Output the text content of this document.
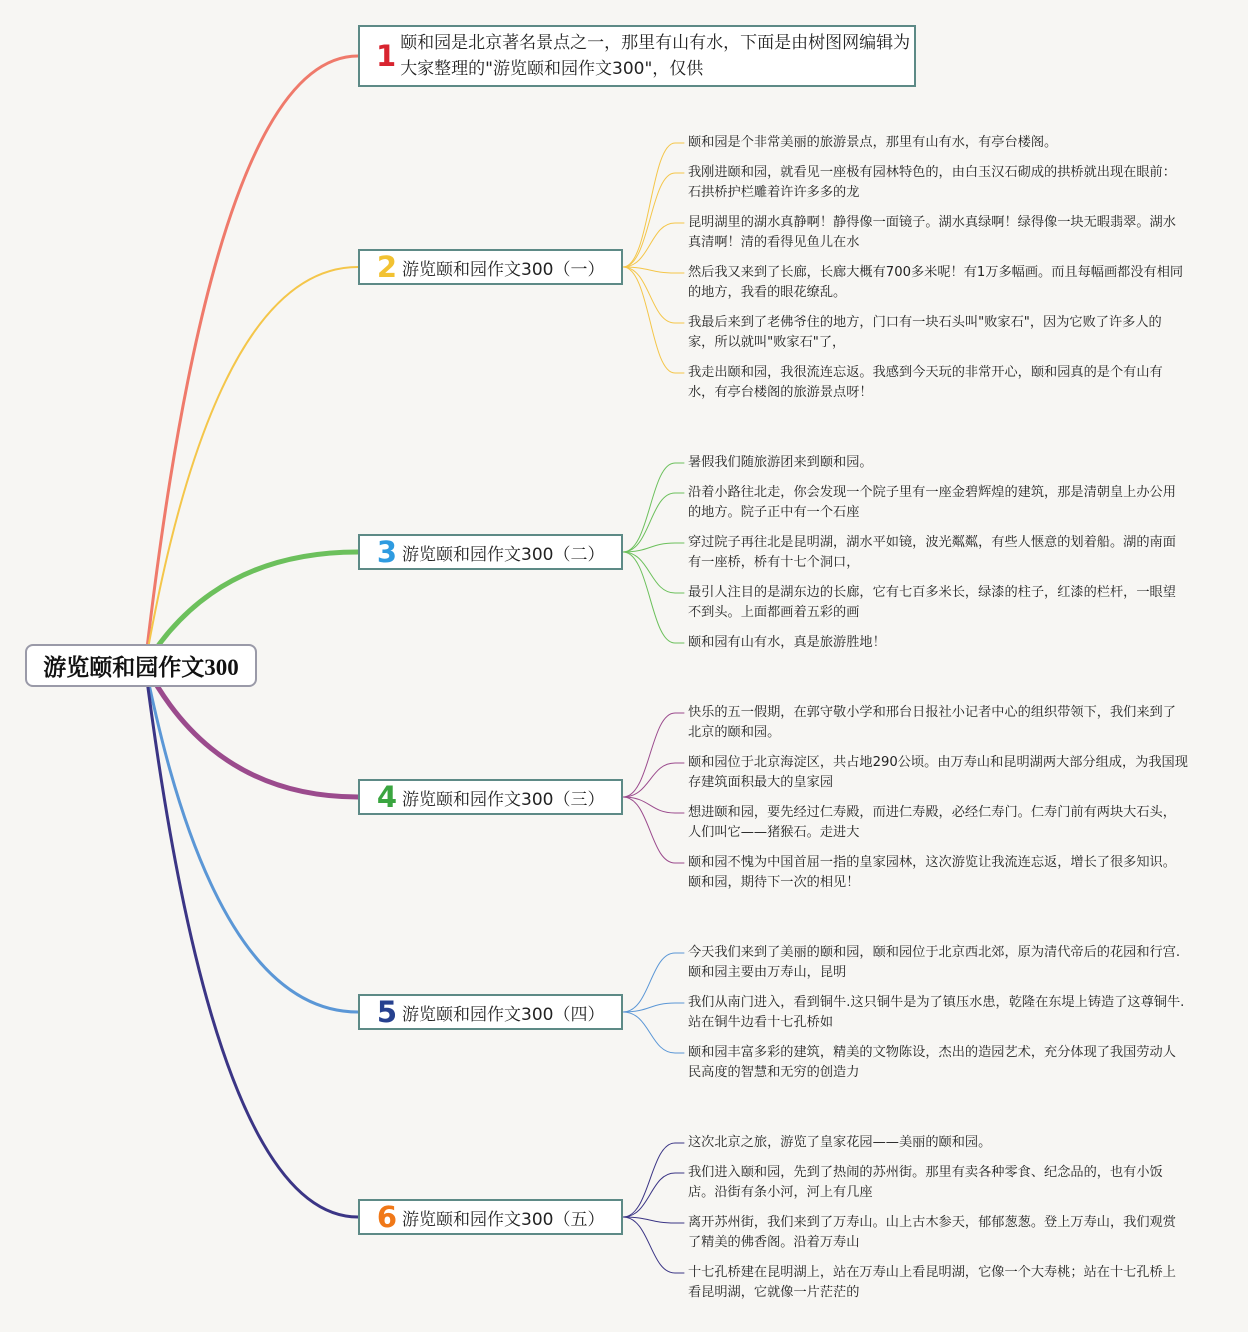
游览颐和园作文300
1 颐和园是北京著名景点之一，那里有山有水，下面是由树图网编辑为大家整理的"游览颐和园作文300"，仅供
2 游览颐和园作文300（一）
3 游览颐和园作文300（二）
4 游览颐和园作文300（三）
5 游览颐和园作文300（四）
6 游览颐和园作文300（五）
颐和园是个非常美丽的旅游景点，那里有山有水，有亭台楼阁。
我刚进颐和园，就看见一座极有园林特色的，由白玉汉石砌成的拱桥就出现在眼前：石拱桥护栏雕着许许多多的龙
昆明湖里的湖水真静啊！静得像一面镜子。湖水真绿啊！绿得像一块无暇翡翠。湖水真清啊！清的看得见鱼儿在水
然后我又来到了长廊，长廊大概有700多米呢！有1万多幅画。而且每幅画都没有相同的地方，我看的眼花缭乱。
我最后来到了老佛爷住的地方，门口有一块石头叫"败家石"，因为它败了许多人的家，所以就叫"败家石"了，
我走出颐和园，我很流连忘返。我感到今天玩的非常开心，颐和园真的是个有山有水，有亭台楼阁的旅游景点呀！
暑假我们随旅游团来到颐和园。
沿着小路往北走，你会发现一个院子里有一座金碧辉煌的建筑，那是清朝皇上办公用的地方。院子正中有一个石座
穿过院子再往北是昆明湖，湖水平如镜，波光粼粼，有些人惬意的划着船。湖的南面有一座桥，桥有十七个洞口，
最引人注目的是湖东边的长廊，它有七百多米长，绿漆的柱子，红漆的栏杆，一眼望不到头。上面都画着五彩的画
颐和园有山有水，真是旅游胜地！
快乐的五一假期，在郭守敬小学和邢台日报社小记者中心的组织带领下，我们来到了北京的颐和园。
颐和园位于北京海淀区，共占地290公顷。由万寿山和昆明湖两大部分组成，为我国现存建筑面积最大的皇家园
想进颐和园，要先经过仁寿殿，而进仁寿殿，必经仁寿门。仁寿门前有两块大石头，人们叫它——猪猴石。走进大
颐和园不愧为中国首屈一指的皇家园林，这次游览让我流连忘返，增长了很多知识。颐和园，期待下一次的相见！
今天我们来到了美丽的颐和园，颐和园位于北京西北郊，原为清代帝后的花园和行宫.颐和园主要由万寿山，昆明
我们从南门进入，看到铜牛.这只铜牛是为了镇压水患，乾隆在东堤上铸造了这尊铜牛.站在铜牛边看十七孔桥如
颐和园丰富多彩的建筑，精美的文物陈设，杰出的造园艺术，充分体现了我国劳动人民高度的智慧和无穷的创造力
这次北京之旅，游览了皇家花园——美丽的颐和园。
我们进入颐和园，先到了热闹的苏州街。那里有卖各种零食、纪念品的，也有小饭店。沿街有条小河，河上有几座
离开苏州街，我们来到了万寿山。山上古木参天，郁郁葱葱。登上万寿山，我们观赏了精美的佛香阁。沿着万寿山
十七孔桥建在昆明湖上，站在万寿山上看昆明湖，它像一个大寿桃；站在十七孔桥上看昆明湖，它就像一片茫茫的
